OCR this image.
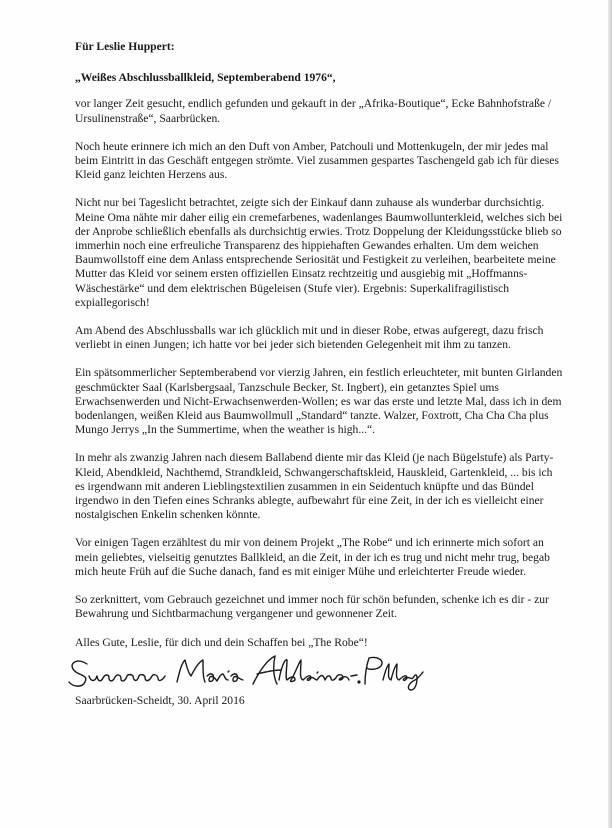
Für Leslie Huppert:

„Weißes Abschlussballkleid, Septemberabend 1976“,

vor langer Zeit gesucht, endlich gefunden und gekauft in der „Afrika-Boutique“, Ecke Bahnhofstraße / Ursulinenstraße“, Saarbrücken.

Noch heute erinnere ich mich an den Duft von Amber, Patchouli und Mottenkugeln, der mir jedes mal beim Eintritt in das Geschäft entgegen strömte. Viel zusammen gespartes Taschengeld gab ich für dieses Kleid ganz leichten Herzens aus.

Nicht nur bei Tageslicht betrachtet, zeigte sich der Einkauf dann zuhause als wunderbar durchsichtig. Meine Oma nähte mir daher eilig ein cremefarbenes, wadenlanges Baumwollunterkleid, welches sich bei der Anprobe schließlich ebenfalls als durchsichtig erwies. Trotz Doppelung der Kleidungsstücke blieb so immerhin noch eine erfreuliche Transparenz des hippiehaften Gewandes erhalten. Um dem weichen Baumwollstoff eine dem Anlass entsprechende Seriosität und Festigkeit zu verleihen, bearbeitete meine Mutter das Kleid vor seinem ersten offiziellen Einsatz rechtzeitig und ausgiebig mit „Hoffmanns-Wäschestärke“ und dem elektrischen Bügeleisen (Stufe vier). Ergebnis: Superkalifragilistisch expiallegorisch!

Am Abend des Abschlussballs war ich glücklich mit und in dieser Robe, etwas aufgeregt, dazu frisch verliebt in einen Jungen; ich hatte vor bei jeder sich bietenden Gelegenheit mit ihm zu tanzen.

Ein spätsommerlicher Septemberabend vor vierzig Jahren, ein festlich erleuchteter, mit bunten Girlanden geschmückter Saal (Karlsbergsaal, Tanzschule Becker, St. Ingbert), ein getanztes Spiel ums Erwachsenwerden und Nicht-Erwachsenwerden-Wollen; es war das erste und letzte Mal, dass ich in dem bodenlangen, weißen Kleid aus Baumwollmull „Standard“ tanzte. Walzer, Foxtrott, Cha Cha Cha plus Mungo Jerrys „In the Summertime, when the weather is high...“.

In mehr als zwanzig Jahren nach diesem Ballabend diente mir das Kleid (je nach Bügelstufe) als Party-Kleid, Abendkleid, Nachthemd, Strandkleid, Schwangerschaftskleid, Hauskleid, Gartenkleid, ... bis ich es irgendwann mit anderen Lieblingstextilien zusammen in ein Seidentuch knüpfte und das Bündel irgendwo in den Tiefen eines Schranks ablegte, aufbewahrt für eine Zeit, in der ich es vielleicht einer nostalgischen Enkelin schenken könnte.

Vor einigen Tagen erzähltest du mir von deinem Projekt „The Robe“ und ich erinnerte mich sofort an mein geliebtes, vielseitig genutztes Ballkleid, an die Zeit, in der ich es trug und nicht mehr trug, begab mich heute Früh auf die Suche danach, fand es mit einiger Mühe und erleichterter Freude wieder.

So zerknittert, vom Gebrauch gezeichnet und immer noch für schön befunden, schenke ich es dir - zur Bewahrung und Sichtbarmachung vergangener und gewonnener Zeit.

Alles Gute, Leslie, für dich und dein Schaffen bei „The Robe“!

Saarbrücken-Scheidt, 30. April 2016
